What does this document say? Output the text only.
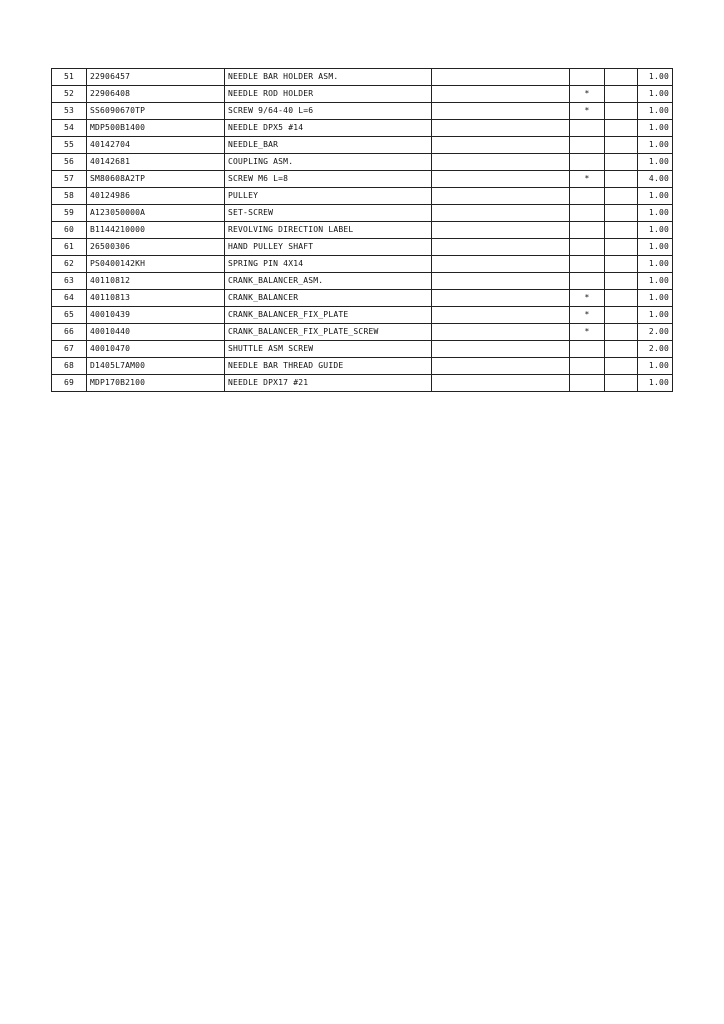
51	22906457	NEEDLE BAR HOLDER ASM.				1.00
52	22906408	NEEDLE ROD HOLDER		*		1.00
53	SS6090670TP	SCREW 9/64-40 L=6		*		1.00
54	MDP500B1400	NEEDLE DPX5 #14				1.00
55	40142704	NEEDLE_BAR				1.00
56	40142681	COUPLING ASM.				1.00
57	SM80608A2TP	SCREW M6 L=8		*		4.00
58	40124986	PULLEY				1.00
59	A123050000A	SET-SCREW				1.00
60	B1144210000	REVOLVING DIRECTION LABEL				1.00
61	26500306	HAND PULLEY SHAFT				1.00
62	PS0400142KH	SPRING PIN 4X14				1.00
63	40110812	CRANK_BALANCER_ASM.				1.00
64	40110813	CRANK_BALANCER		*		1.00
65	40010439	CRANK_BALANCER_FIX_PLATE		*		1.00
66	40010440	CRANK_BALANCER_FIX_PLATE_SCREW		*		2.00
67	40010470	SHUTTLE ASM SCREW				2.00
68	D1405L7AM00	NEEDLE BAR THREAD GUIDE				1.00
69	MDP170B2100	NEEDLE DPX17 #21				1.00
